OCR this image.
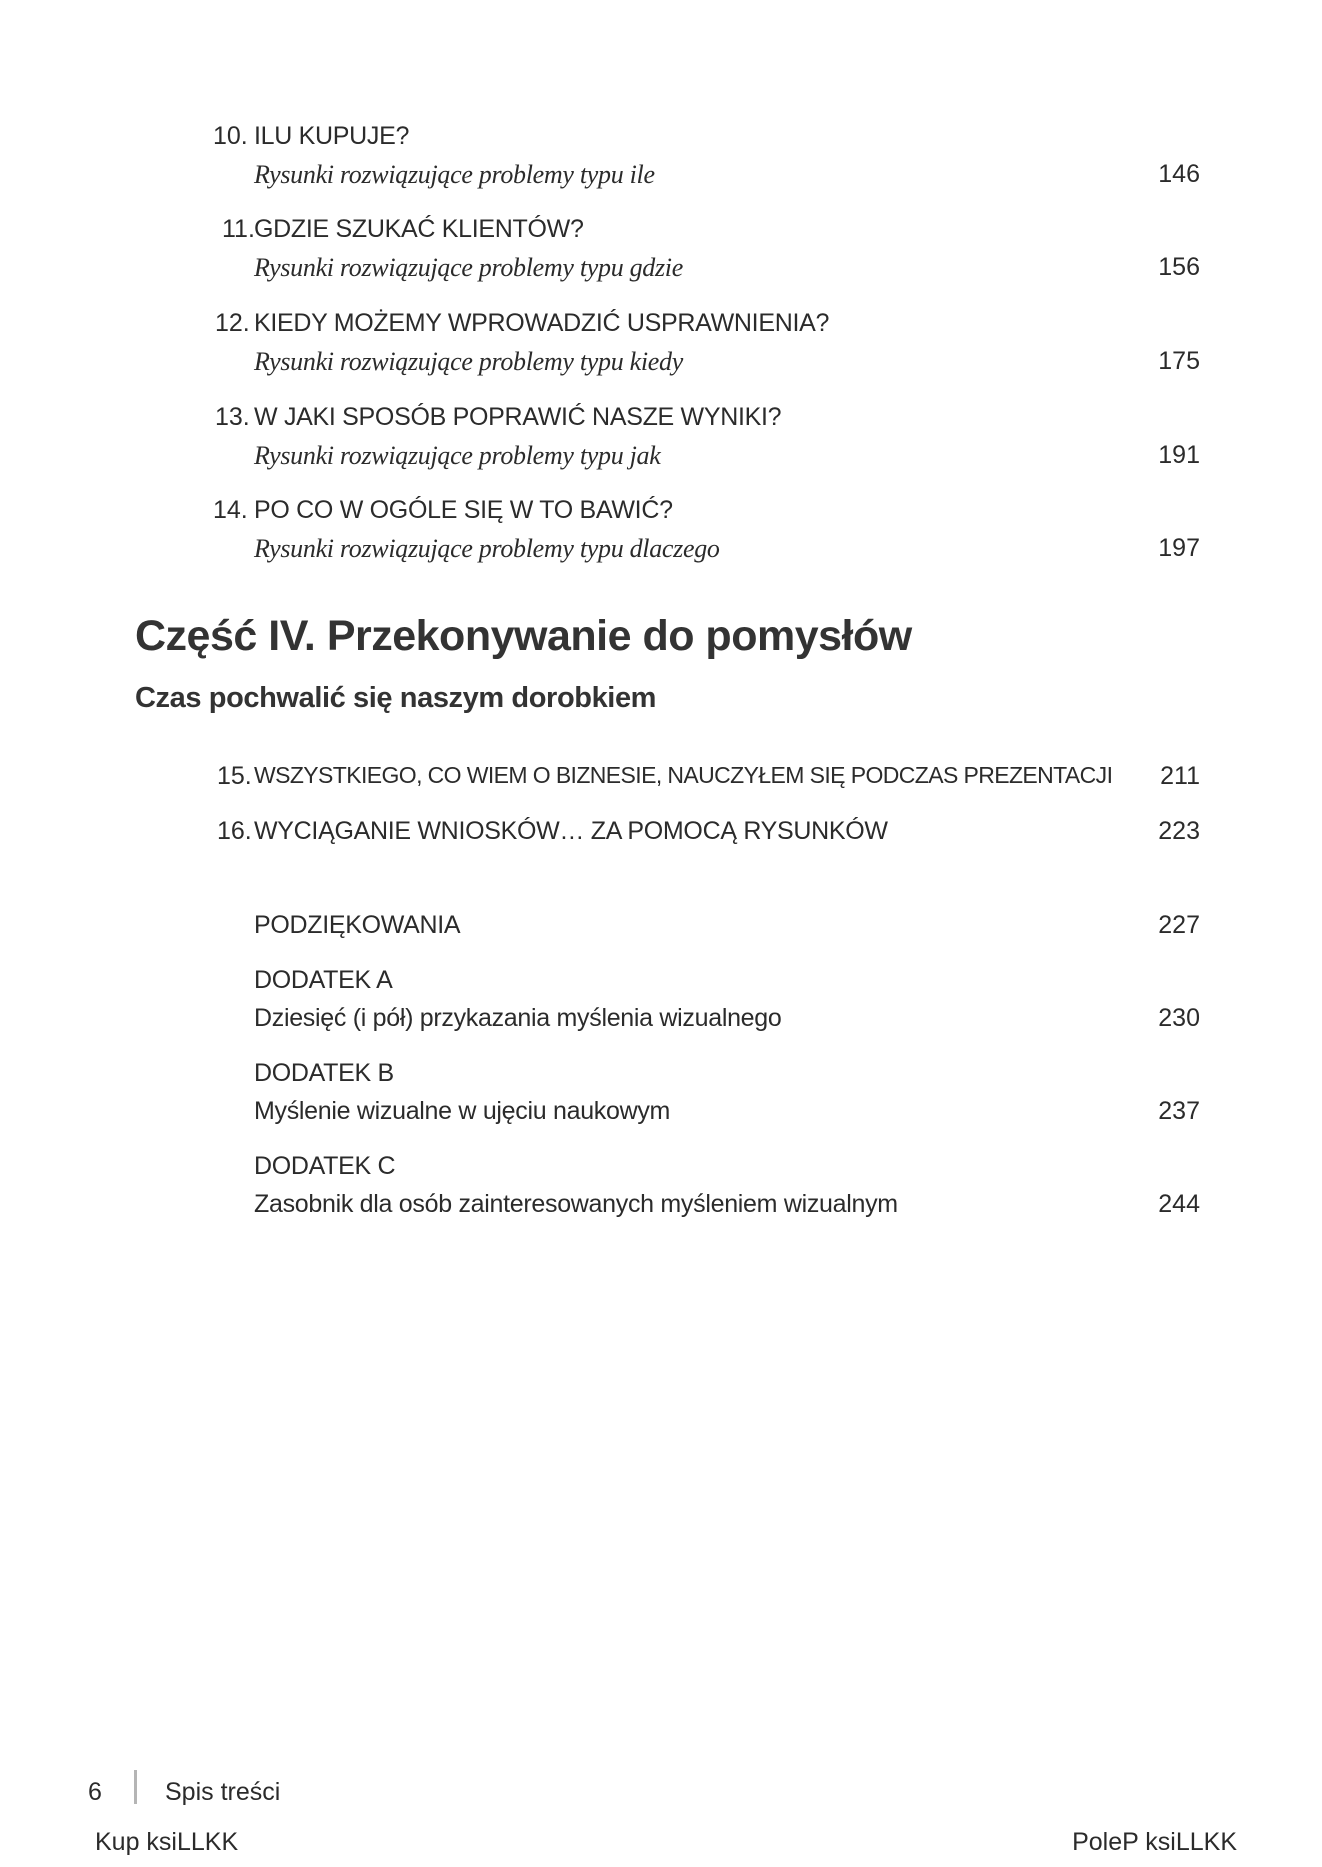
10. ILU KUPUJE?
Rysunki rozwiązujące problemy typu ile	146
11. GDZIE SZUKAĆ KLIENTÓW?
Rysunki rozwiązujące problemy typu gdzie	156
12. KIEDY MOŻEMY WPROWADZIĆ USPRAWNIENIA?
Rysunki rozwiązujące problemy typu kiedy	175
13. W JAKI SPOSÓB POPRAWIĆ NASZE WYNIKI?
Rysunki rozwiązujące problemy typu jak	191
14. PO CO W OGÓLE SIĘ W TO BAWIĆ?
Rysunki rozwiązujące problemy typu dlaczego	197
Część IV. Przekonywanie do pomysłów
Czas pochwalić się naszym dorobkiem
15. WSZYSTKIEGO, CO WIEM O BIZNESIE, NAUCZYŁEM SIĘ PODCZAS PREZENTACJI 211
16. WYCIĄGANIE WNIOSKÓW… ZA POMOCĄ RYSUNKÓW	223
PODZIĘKOWANIA	227
DODATEK A
Dziesięć (i pół) przykazania myślenia wizualnego	230
DODATEK B
Myślenie wizualne w ujęciu naukowym	237
DODATEK C
Zasobnik dla osób zainteresowanych myśleniem wizualnym	244
6	Spis treści
Kup ksiLLKK	PoleP ksiLLKK
